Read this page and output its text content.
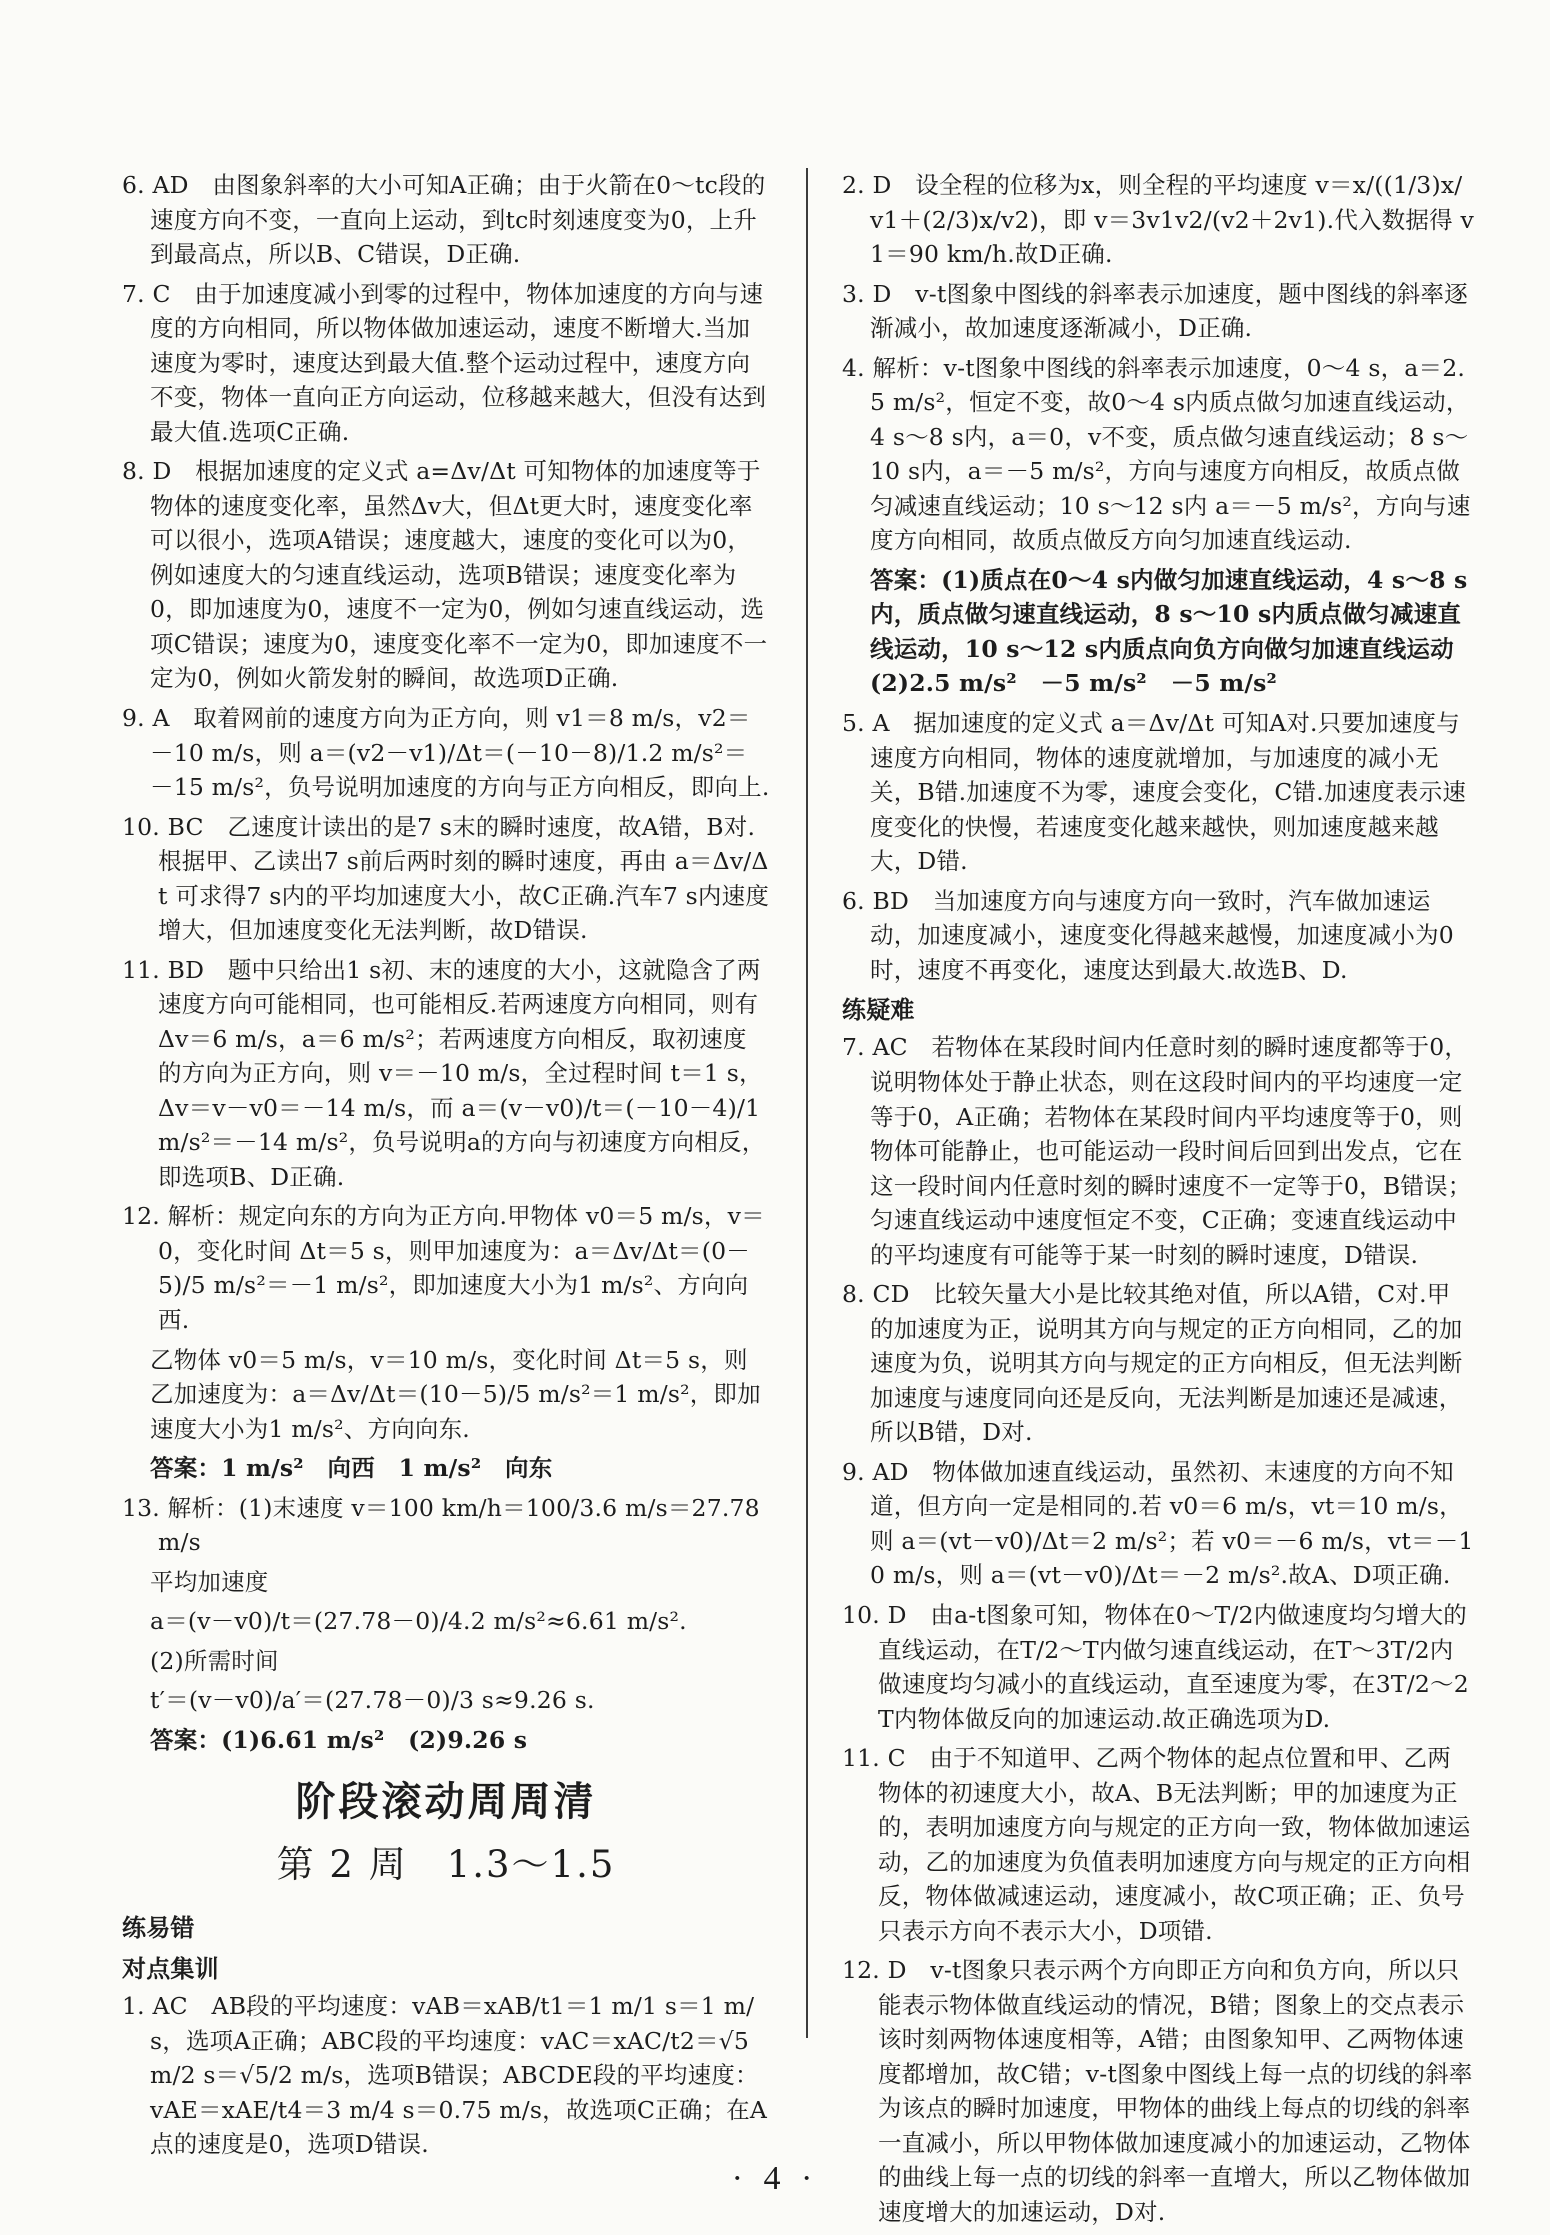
6. AD　由图象斜率的大小可知A正确；由于火箭在0～tc段的速度方向不变，一直向上运动，到tc时刻速度变为0，上升到最高点，所以B、C错误，D正确.

7. C　由于加速度减小到零的过程中，物体加速度的方向与速度的方向相同，所以物体做加速运动，速度不断增大.当加速度为零时，速度达到最大值.整个运动过程中，速度方向不变，物体一直向正方向运动，位移越来越大，但没有达到最大值.选项C正确.

8. D　根据加速度的定义式 a=Δv/Δt 可知物体的加速度等于物体的速度变化率，虽然Δv大，但Δt更大时，速度变化率可以很小，选项A错误；速度越大，速度的变化可以为0，例如速度大的匀速直线运动，选项B错误；速度变化率为0，即加速度为0，速度不一定为0，例如匀速直线运动，选项C错误；速度为0，速度变化率不一定为0，即加速度不一定为0，例如火箭发射的瞬间，故选项D正确.

9. A　取着网前的速度方向为正方向，则 v1＝8 m/s，v2＝－10 m/s，则 a＝(v2－v1)/Δt＝(－10－8)/1.2 m/s²＝－15 m/s²，负号说明加速度的方向与正方向相反，即向上.

10. BC　乙速度计读出的是7 s末的瞬时速度，故A错，B对.根据甲、乙读出7 s前后两时刻的瞬时速度，再由 a＝Δv/Δt 可求得7 s内的平均加速度大小，故C正确.汽车7 s内速度增大，但加速度变化无法判断，故D错误.

11. BD　题中只给出1 s初、末的速度的大小，这就隐含了两速度方向可能相同，也可能相反.若两速度方向相同，则有 Δv＝6 m/s，a＝6 m/s²；若两速度方向相反，取初速度的方向为正方向，则 v＝－10 m/s，全过程时间 t＝1 s，Δv＝v－v0＝－14 m/s，而 a＝(v－v0)/t＝(－10－4)/1 m/s²＝－14 m/s²，负号说明a的方向与初速度方向相反，即选项B、D正确.

12. 解析：规定向东的方向为正方向.甲物体 v0＝5 m/s，v＝0，变化时间 Δt＝5 s，则甲加速度为：a＝Δv/Δt＝(0－5)/5 m/s²＝－1 m/s²，即加速度大小为1 m/s²、方向向西.

乙物体 v0＝5 m/s，v＝10 m/s，变化时间 Δt＝5 s，则乙加速度为：a＝Δv/Δt＝(10－5)/5 m/s²＝1 m/s²，即加速度大小为1 m/s²、方向向东.

答案：1 m/s²　向西　1 m/s²　向东

13. 解析：(1)末速度 v＝100 km/h＝100/3.6 m/s＝27.78 m/s

平均加速度

a＝(v－v0)/t＝(27.78－0)/4.2 m/s²≈6.61 m/s².

(2)所需时间

t′＝(v－v0)/a′＝(27.78－0)/3 s≈9.26 s.

答案：(1)6.61 m/s²　(2)9.26 s

阶段滚动周周清
第 2 周　1.3～1.5
练易错
对点集训

1. AC　AB段的平均速度：vAB＝xAB/t1＝1 m/1 s＝1 m/s，选项A正确；ABC段的平均速度：vAC＝xAC/t2＝√5 m/2 s＝√5/2 m/s，选项B错误；ABCDE段的平均速度：vAE＝xAE/t4＝3 m/4 s＝0.75 m/s，故选项C正确；在A点的速度是0，选项D错误.

2. D　设全程的位移为x，则全程的平均速度 v＝x/((1/3)x/v1＋(2/3)x/v2)，即 v＝3v1v2/(v2＋2v1).代入数据得 v1＝90 km/h.故D正确.

3. D　v-t图象中图线的斜率表示加速度，题中图线的斜率逐渐减小，故加速度逐渐减小，D正确.

4. 解析：v-t图象中图线的斜率表示加速度，0～4 s，a＝2.5 m/s²，恒定不变，故0～4 s内质点做匀加速直线运动，4 s～8 s内，a＝0，v不变，质点做匀速直线运动；8 s～10 s内，a＝－5 m/s²，方向与速度方向相反，故质点做匀减速直线运动；10 s～12 s内 a＝－5 m/s²，方向与速度方向相同，故质点做反方向匀加速直线运动.

答案：(1)质点在0～4 s内做匀加速直线运动，4 s～8 s内，质点做匀速直线运动，8 s～10 s内质点做匀减速直线运动，10 s～12 s内质点向负方向做匀加速直线运动　(2)2.5 m/s²　－5 m/s²　－5 m/s²

5. A　据加速度的定义式 a＝Δv/Δt 可知A对.只要加速度与速度方向相同，物体的速度就增加，与加速度的减小无关，B错.加速度不为零，速度会变化，C错.加速度表示速度变化的快慢，若速度变化越来越快，则加速度越来越大，D错.

6. BD　当加速度方向与速度方向一致时，汽车做加速运动，加速度减小，速度变化得越来越慢，加速度减小为0时，速度不再变化，速度达到最大.故选B、D.

练疑难

7. AC　若物体在某段时间内任意时刻的瞬时速度都等于0，说明物体处于静止状态，则在这段时间内的平均速度一定等于0，A正确；若物体在某段时间内平均速度等于0，则物体可能静止，也可能运动一段时间后回到出发点，它在这一段时间内任意时刻的瞬时速度不一定等于0，B错误；匀速直线运动中速度恒定不变，C正确；变速直线运动中的平均速度有可能等于某一时刻的瞬时速度，D错误.

8. CD　比较矢量大小是比较其绝对值，所以A错，C对.甲的加速度为正，说明其方向与规定的正方向相同，乙的加速度为负，说明其方向与规定的正方向相反，但无法判断加速度与速度同向还是反向，无法判断是加速还是减速，所以B错，D对.

9. AD　物体做加速直线运动，虽然初、末速度的方向不知道，但方向一定是相同的.若 v0＝6 m/s，vt＝10 m/s，则 a＝(vt－v0)/Δt＝2 m/s²；若 v0＝－6 m/s，vt＝－10 m/s，则 a＝(vt－v0)/Δt＝－2 m/s².故A、D项正确.

10. D　由a-t图象可知，物体在0～T/2内做速度均匀增大的直线运动，在T/2～T内做匀速直线运动，在T～3T/2内做速度均匀减小的直线运动，直至速度为零，在3T/2～2T内物体做反向的加速运动.故正确选项为D.

11. C　由于不知道甲、乙两个物体的起点位置和甲、乙两物体的初速度大小，故A、B无法判断；甲的加速度为正的，表明加速度方向与规定的正方向一致，物体做加速运动，乙的加速度为负值表明加速度方向与规定的正方向相反，物体做减速运动，速度减小，故C项正确；正、负号只表示方向不表示大小，D项错.

12. D　v-t图象只表示两个方向即正方向和负方向，所以只能表示物体做直线运动的情况，B错；图象上的交点表示该时刻两物体速度相等，A错；由图象知甲、乙两物体速度都增加，故C错；v-t图象中图线上每一点的切线的斜率为该点的瞬时加速度，甲物体的曲线上每点的切线的斜率一直减小，所以甲物体做加速度减小的加速运动，乙物体的曲线上每一点的切线的斜率一直增大，所以乙物体做加速度增大的加速运动，D对.

· 4 ·
